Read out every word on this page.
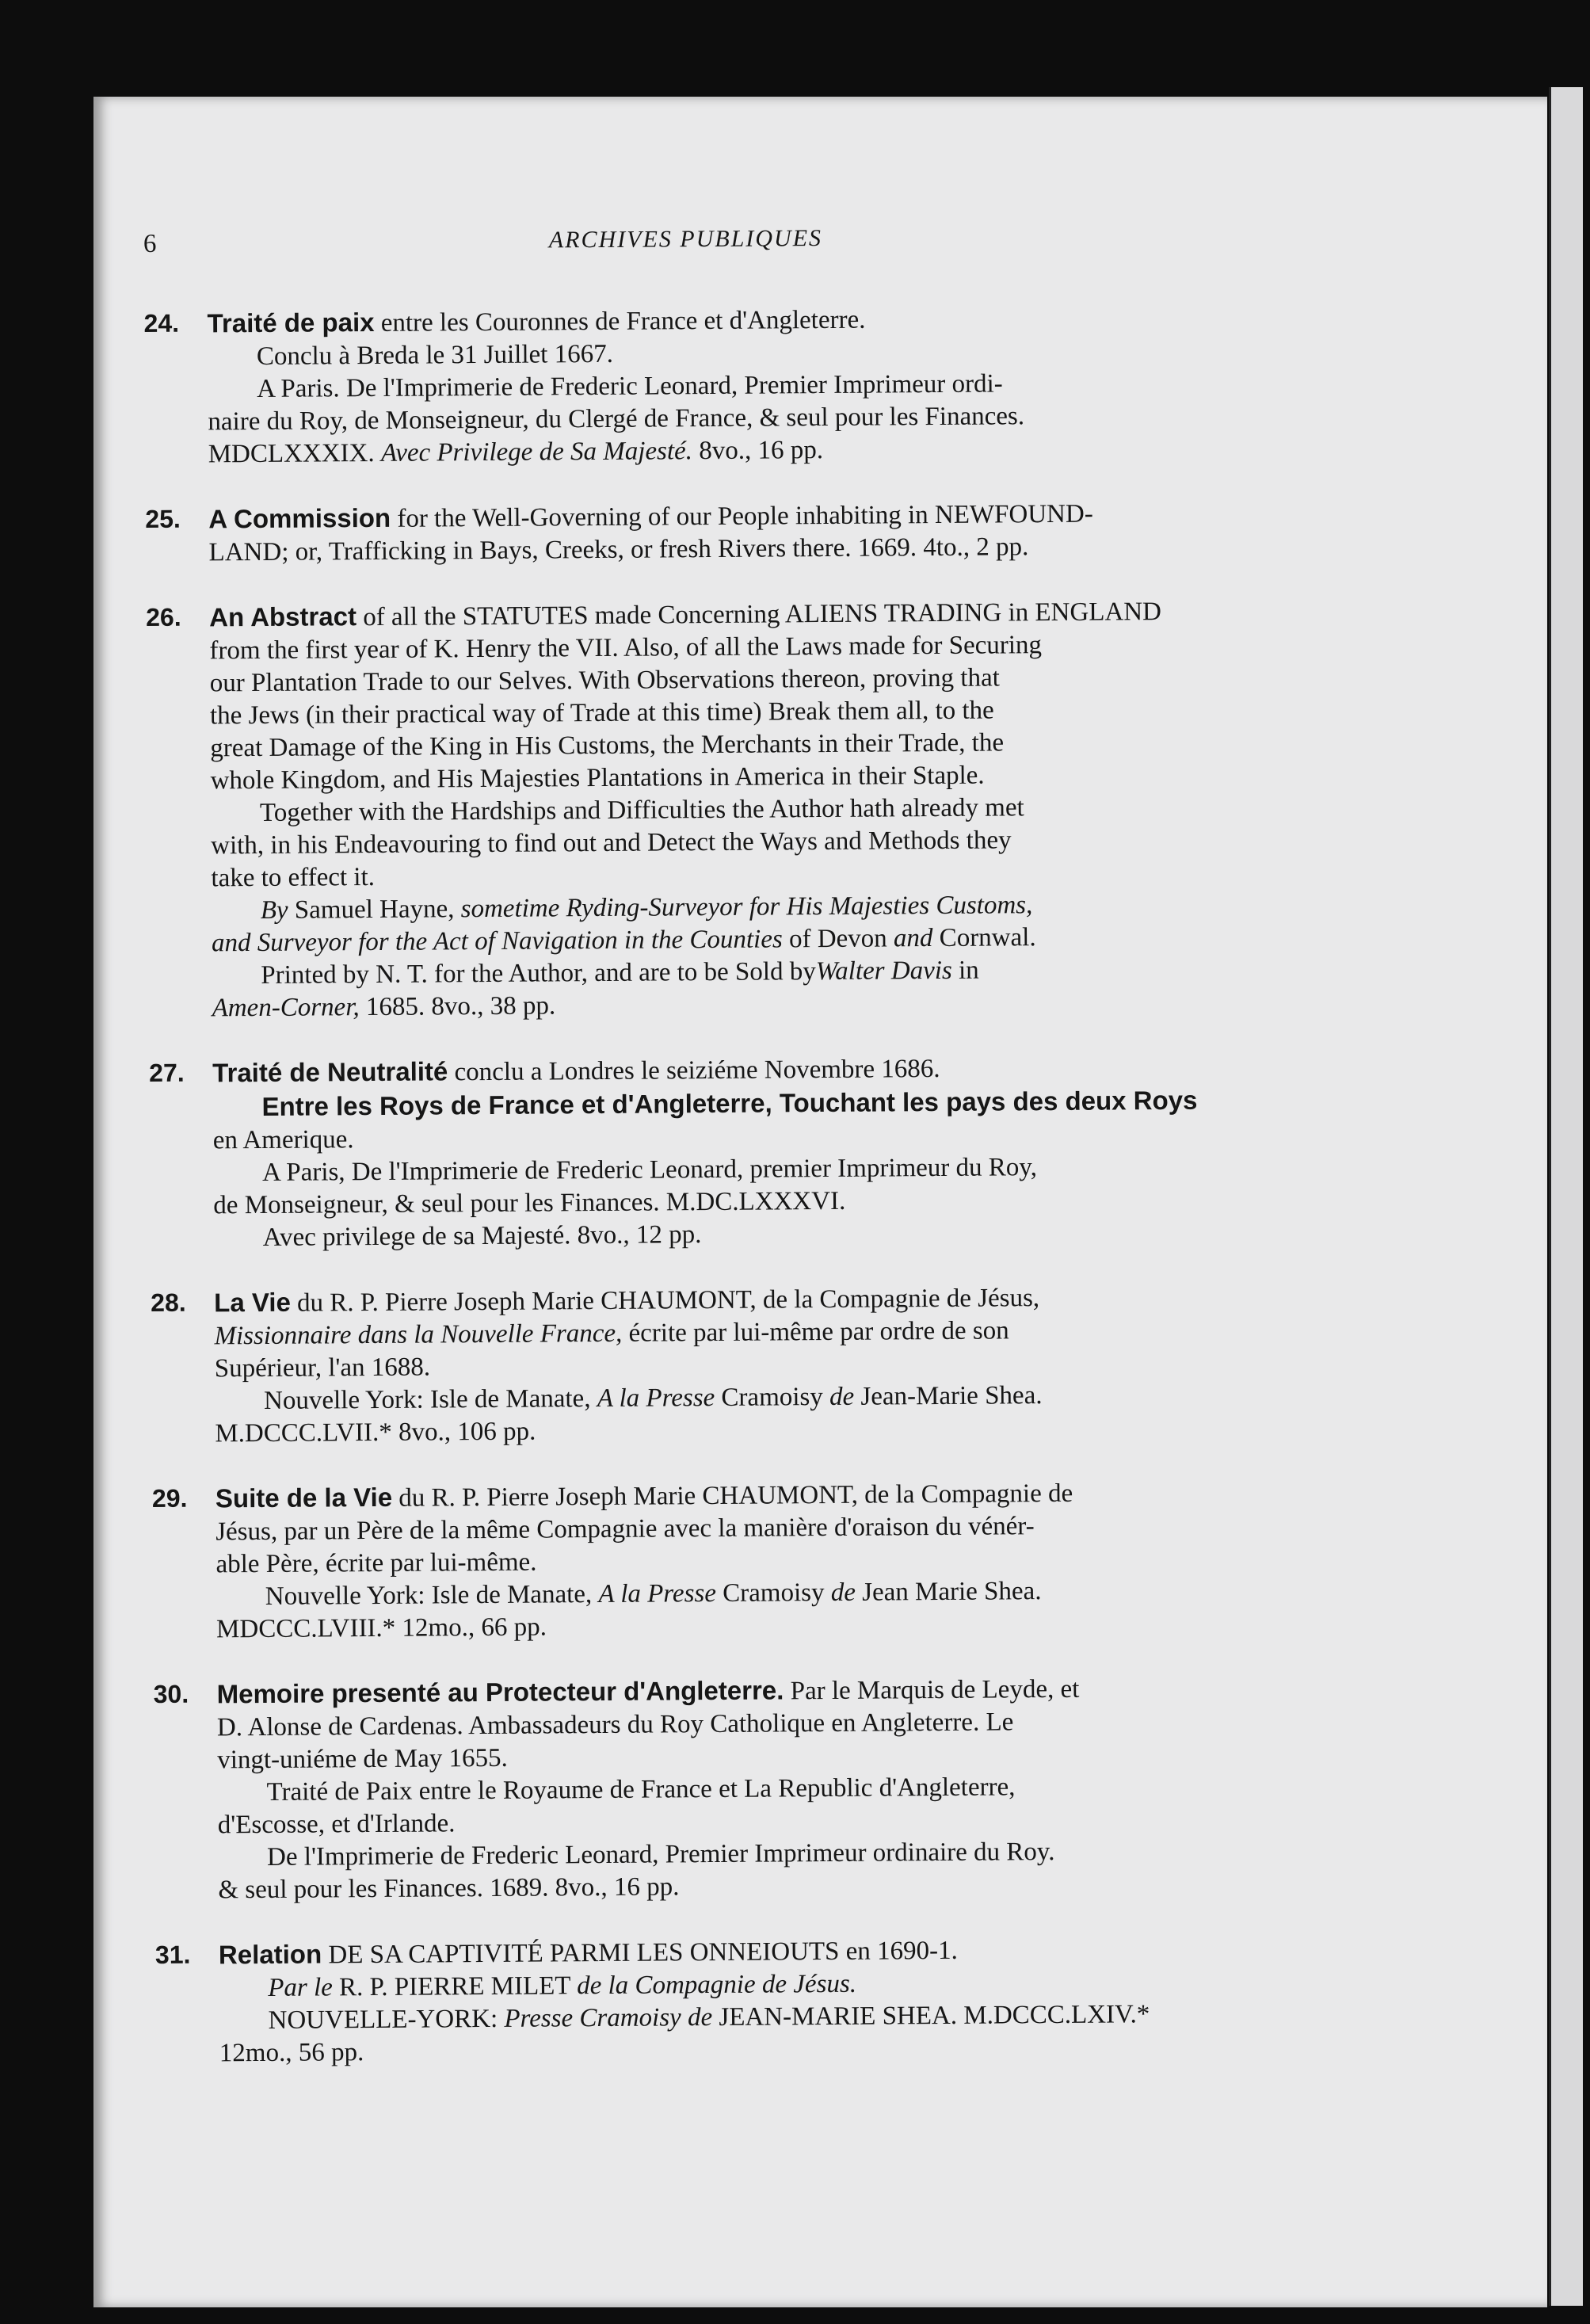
6	ARCHIVES PUBLIQUES
24. Traité de paix entre les Couronnes de France et d'Angleterre.
Conclu à Breda le 31 Juillet 1667.
A Paris. De l'Imprimerie de Frederic Leonard, Premier Imprimeur ordi-
naire du Roy, de Monseigneur, du Clergé de France, & seul pour les Finances.
MDCLXXXIX. Avec Privilege de Sa Majesté. 8vo., 16 pp.
25. A Commission for the Well-Governing of our People inhabiting in NEWFOUND-
LAND; or, Trafficking in Bays, Creeks, or fresh Rivers there. 1669. 4to., 2 pp.
26. An Abstract of all the STATUTES made Concerning ALIENS TRADING in ENGLAND
from the first year of K. Henry the VII. Also, of all the Laws made for Securing
our Plantation Trade to our Selves. With Observations thereon, proving that
the Jews (in their practical way of Trade at this time) Break them all, to the
great Damage of the King in His Customs, the Merchants in their Trade, the
whole Kingdom, and His Majesties Plantations in America in their Staple.
Together with the Hardships and Difficulties the Author hath already met
with, in his Endeavouring to find out and Detect the Ways and Methods they
take to effect it.
By Samuel Hayne, sometime Ryding-Surveyor for His Majesties Customs,
and Surveyor for the Act of Navigation in the Counties of Devon and Cornwal.
Printed by N. T. for the Author, and are to be Sold byWalter Davis in
Amen-Corner, 1685. 8vo., 38 pp.
27. Traité de Neutralité conclu a Londres le seiziéme Novembre 1686.
Entre les Roys de France et d'Angleterre, Touchant les pays des deux Roys
en Amerique.
A Paris, De l'Imprimerie de Frederic Leonard, premier Imprimeur du Roy,
de Monseigneur, & seul pour les Finances. M.DC.LXXXVI.
Avec privilege de sa Majesté. 8vo., 12 pp.
28. La Vie du R. P. Pierre Joseph Marie CHAUMONT, de la Compagnie de Jésus,
Missionnaire dans la Nouvelle France, écrite par lui-même par ordre de son
Supérieur, l'an 1688.
Nouvelle York: Isle de Manate, A la Presse Cramoisy de Jean-Marie Shea.
M.DCCC.LVII.* 8vo., 106 pp.
29. Suite de la Vie du R. P. Pierre Joseph Marie CHAUMONT, de la Compagnie de
Jésus, par un Père de la même Compagnie avec la manière d'oraison du vénér-
able Père, écrite par lui-même.
Nouvelle York: Isle de Manate, A la Presse Cramoisy de Jean Marie Shea.
MDCCC.LVIII.* 12mo., 66 pp.
30. Memoire presenté au Protecteur d'Angleterre. Par le Marquis de Leyde, et
D. Alonse de Cardenas. Ambassadeurs du Roy Catholique en Angleterre. Le
vingt-uniéme de May 1655.
Traité de Paix entre le Royaume de France et La Republic d'Angleterre,
d'Escosse, et d'Irlande.
De l'Imprimerie de Frederic Leonard, Premier Imprimeur ordinaire du Roy.
& seul pour les Finances. 1689. 8vo., 16 pp.
31. Relation DE SA CAPTIVITÉ PARMI LES ONNEIOUTS en 1690-1.
Par le R. P. PIERRE MILET de la Compagnie de Jésus.
NOUVELLE-YORK: Presse Cramoisy de JEAN-MARIE SHEA. M.DCCC.LXIV.*
12mo., 56 pp.
